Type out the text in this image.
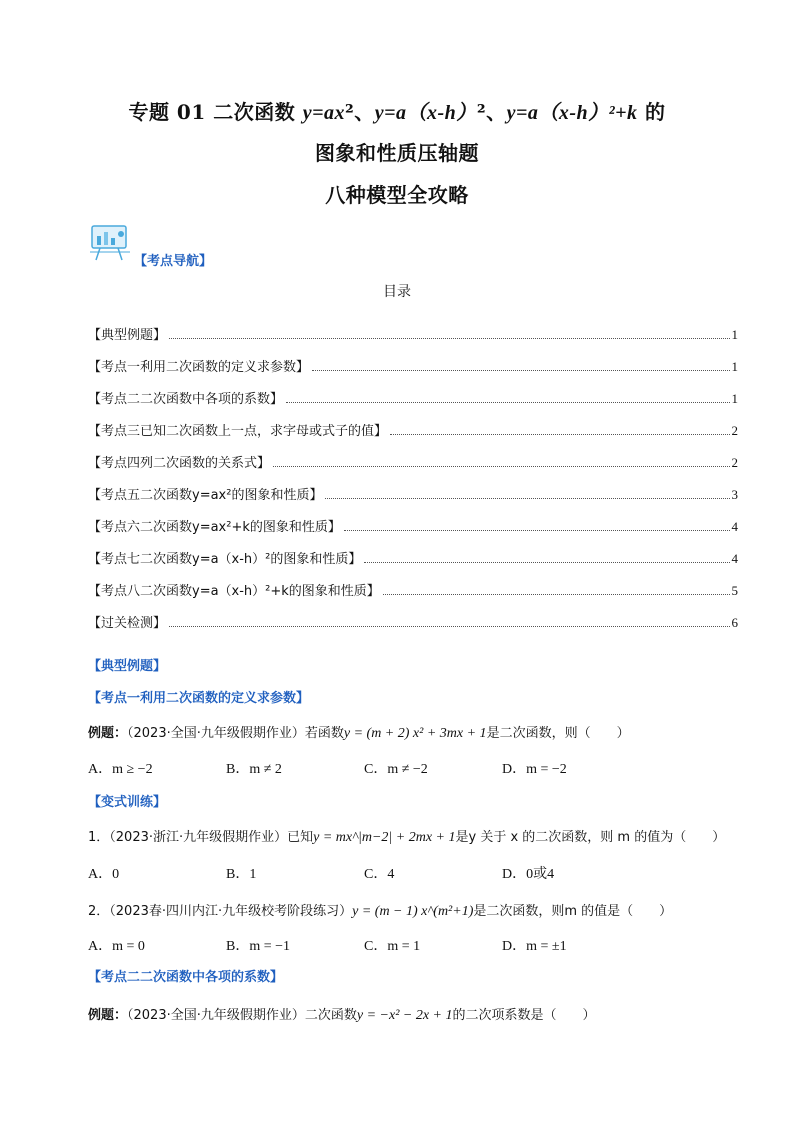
专题 01 二次函数 y=ax²、y=a（x-h）²、y=a（x-h）²+k 的
图象和性质压轴题
八种模型全攻略
【考点导航】
目录
【典型例题】	1
【考点一利用二次函数的定义求参数】	1
【考点二二次函数中各项的系数】	1
【考点三已知二次函数上一点，求字母或式子的值】	2
【考点四列二次函数的关系式】	2
【考点五二次函数y=ax²的图象和性质】	3
【考点六二次函数y=ax²+k的图象和性质】	4
【考点七二次函数y=a（x-h）²的图象和性质】	4
【考点八二次函数y=a（x-h）²+k的图象和性质】	5
【过关检测】	6
【典型例题】
【考点一利用二次函数的定义求参数】
例题：（2023·全国·九年级假期作业）若函数y = (m + 2) x² + 3mx + 1是二次函数，则（　　）
A．m ≥ −2	B．m ≠ 2	C．m ≠ −2	D．m = −2
【变式训练】
1．（2023·浙江·九年级假期作业）已知y = mx^|m−2| + 2mx + 1是y 关于 x 的二次函数，则 m 的值为（　　）
A．0	B．1	C．4	D．0或4
2．（2023春·四川内江·九年级校考阶段练习）y = (m − 1) x^(m²+1)是二次函数，则m 的值是（　　）
A．m = 0	B．m = −1	C．m = 1	D．m = ±1
【考点二二次函数中各项的系数】
例题：（2023·全国·九年级假期作业）二次函数y = −x² − 2x + 1的二次项系数是（　　）
